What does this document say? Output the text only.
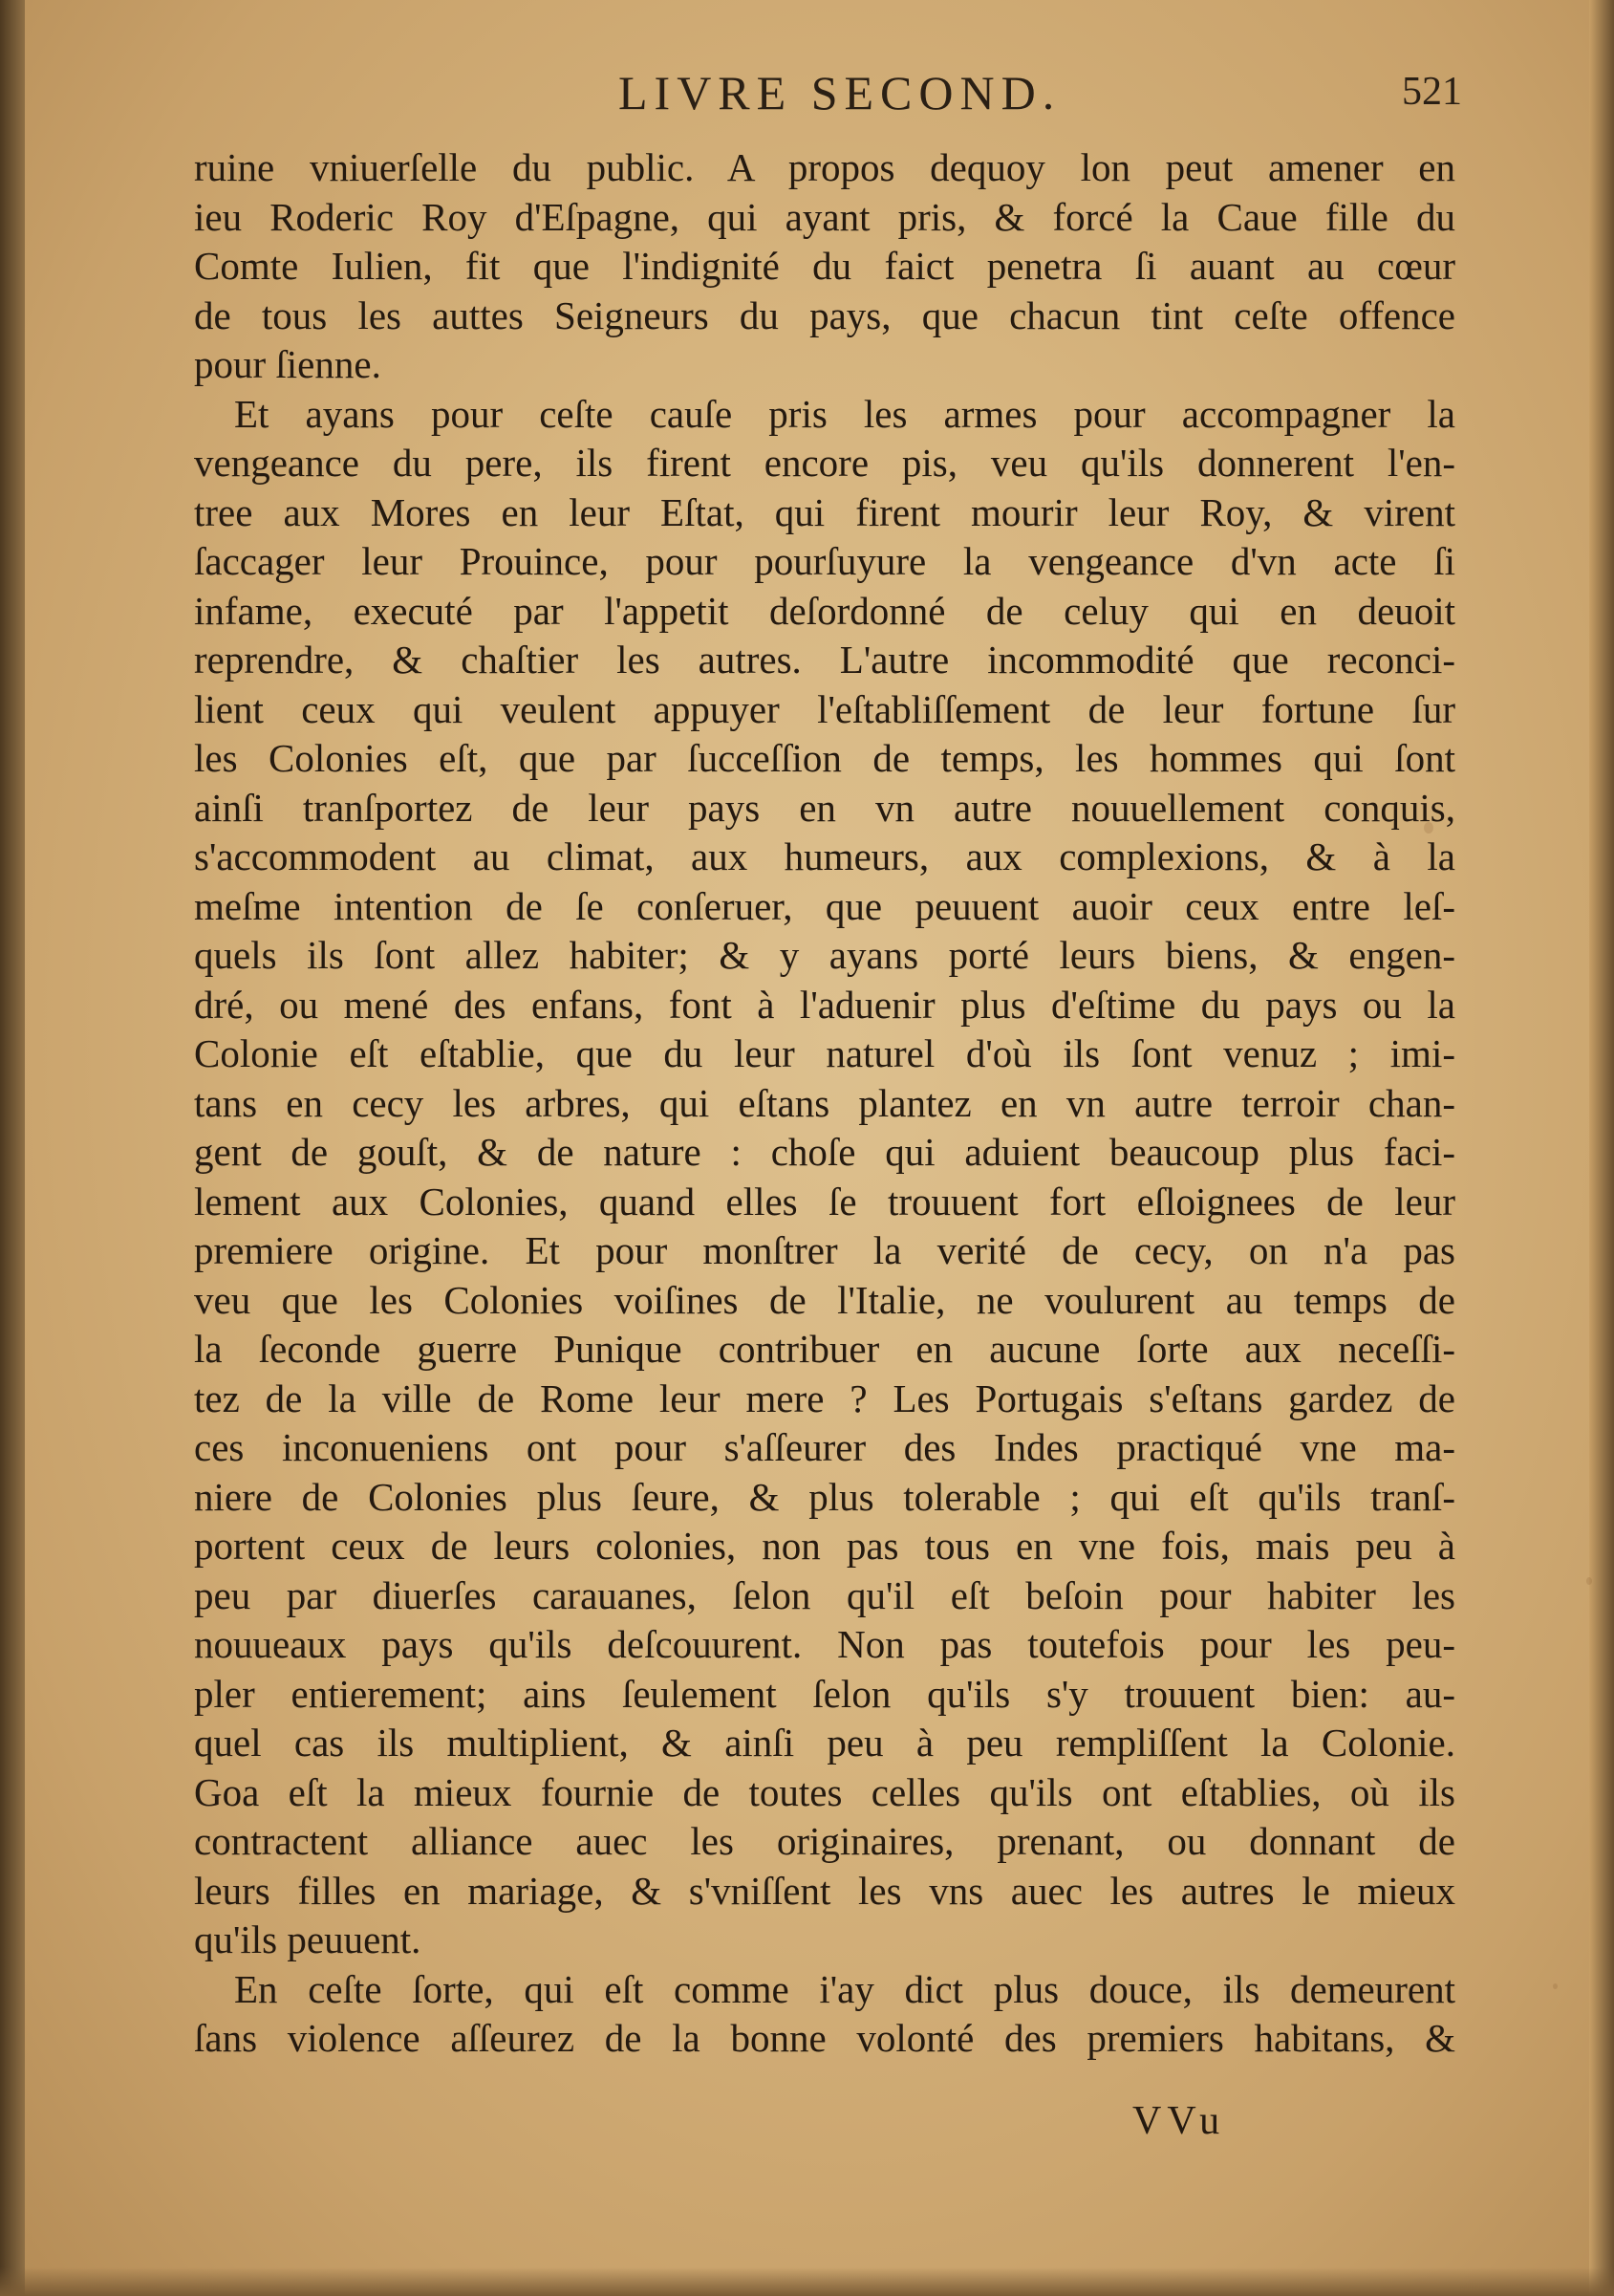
LIVRE SECOND.	521
ruine vniuerſelle du public. A propos dequoy lon peut amener en
ieu Roderic Roy d'Eſpagne, qui ayant pris, & forcé la Caue fille du
Comte Iulien, fit que l'indignité du faict penetra ſi auant au cœur
de tous les auttes Seigneurs du pays, que chacun tint ceſte offence
pour ſienne.
Et ayans pour ceſte cauſe pris les armes pour accompagner la
vengeance du pere, ils firent encore pis, veu qu'ils donnerent l'en-
tree aux Mores en leur Eſtat, qui firent mourir leur Roy, & virent
ſaccager leur Prouince, pour pourſuyure la vengeance d'vn acte ſi
infame, executé par l'appetit deſordonné de celuy qui en deuoit
reprendre, & chaſtier les autres. L'autre incommodité que reconci-
lient ceux qui veulent appuyer l'eſtabliſſement de leur fortune ſur
les Colonies eſt, que par ſucceſſion de temps, les hommes qui ſont
ainſi tranſportez de leur pays en vn autre nouuellement conquis,
s'accommodent au climat, aux humeurs, aux complexions, & à la
meſme intention de ſe conſeruer, que peuuent auoir ceux entre leſ-
quels ils ſont allez habiter; & y ayans porté leurs biens, & engen-
dré, ou mené des enfans, font à l'aduenir plus d'eſtime du pays ou la
Colonie eſt eſtablie, que du leur naturel d'où ils ſont venuz ; imi-
tans en cecy les arbres, qui eſtans plantez en vn autre terroir chan-
gent de gouſt, & de nature : choſe qui aduient beaucoup plus faci-
lement aux Colonies, quand elles ſe trouuent fort eſloignees de leur
premiere origine. Et pour monſtrer la verité de cecy, on n'a pas
veu que les Colonies voiſines de l'Italie, ne voulurent au temps de
la ſeconde guerre Punique contribuer en aucune ſorte aux neceſſi-
tez de la ville de Rome leur mere ? Les Portugais s'eſtans gardez de
ces inconueniens ont pour s'aſſeurer des Indes practiqué vne ma-
niere de Colonies plus ſeure, & plus tolerable ; qui eſt qu'ils tranſ-
portent ceux de leurs colonies, non pas tous en vne fois, mais peu à
peu par diuerſes carauanes, ſelon qu'il eſt beſoin pour habiter les
nouueaux pays qu'ils deſcouurent. Non pas toutefois pour les peu-
pler entierement; ains ſeulement ſelon qu'ils s'y trouuent bien: au-
quel cas ils multiplient, & ainſi peu à peu rempliſſent la Colonie.
Goa eſt la mieux fournie de toutes celles qu'ils ont eſtablies, où ils
contractent alliance auec les originaires, prenant, ou donnant de
leurs filles en mariage, & s'vniſſent les vns auec les autres le mieux
qu'ils peuuent.
En ceſte ſorte, qui eſt comme i'ay dict plus douce, ils demeurent
ſans violence aſſeurez de la bonne volonté des premiers habitans, &
VVu
